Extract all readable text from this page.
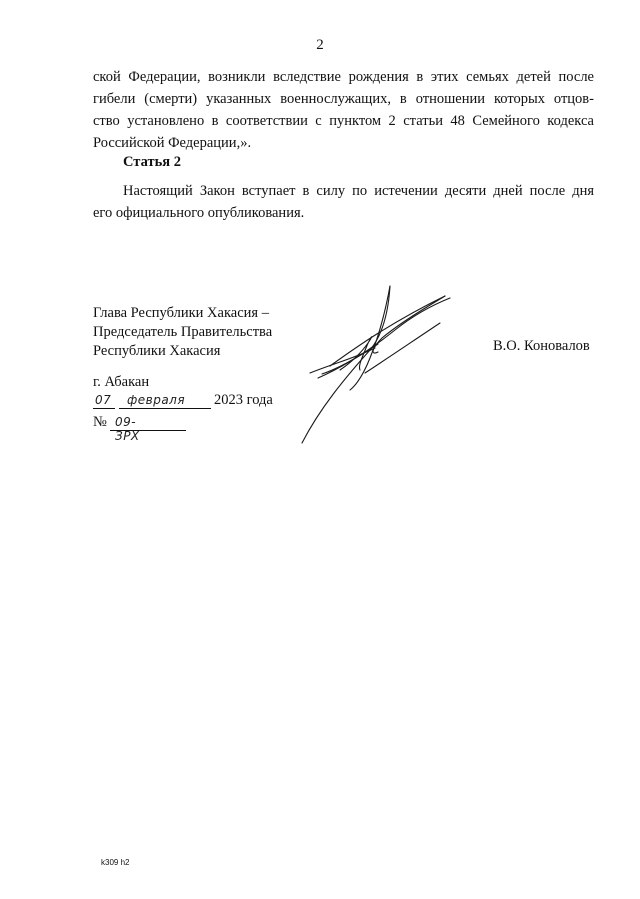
2
ской Федерации, возникли вследствие рождения в этих семьях детей после
гибели (смерти) указанных военнослужащих, в отношении которых отцов-
ство установлено в соответствии с пунктом 2 статьи 48 Семейного кодекса
Российской Федерации,».
Статья 2
Настоящий Закон вступает в силу по истечении десяти дней после дня
его официального опубликования.
Глава Республики Хакасия –
Председатель Правительства
Республики Хакасия	В.О. Коновалов
г. Абакан
07 февраля 2023 года
№ 09-ЗРХ
k309 h2
